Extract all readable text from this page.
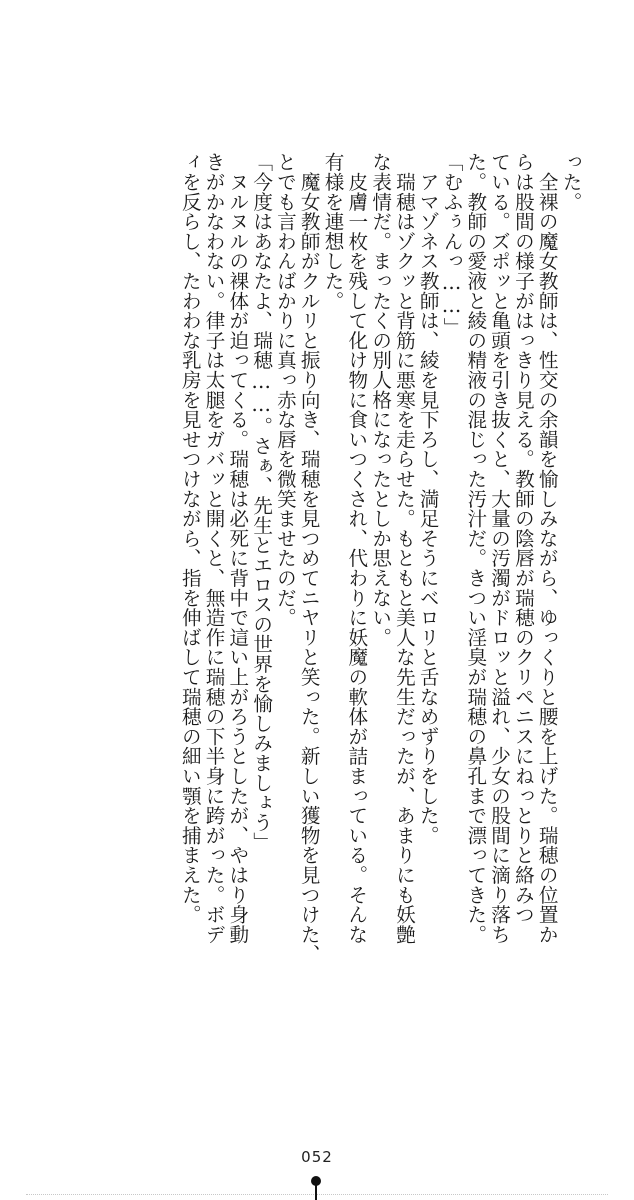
った。
　全裸の魔女教師は、性交の余韻を愉しみながら、ゆっくりと腰を上げた。瑞穂の位置か
らは股間の様子がはっきり見える。教師の陰唇が瑞穂のクリペニスにねっとりと絡みつ
ている。ズポッと亀頭を引き抜くと、大量の汚濁がドロッと溢れ、少女の股間に滴り落ち
た。教師の愛液と綾の精液の混じった汚汁だ。きつい淫臭が瑞穂の鼻孔まで漂ってきた。
「むふぅんっ……」
　アマゾネス教師は、綾を見下ろし、満足そうにベロリと舌なめずりをした。
　瑞穂はゾクッと背筋に悪寒を走らせた。もともと美人な先生だったが、あまりにも妖艶
な表情だ。まったくの別人格になったとしか思えない。
　皮膚一枚を残して化け物に食いつくされ、代わりに妖魔の軟体が詰まっている。そんな
有様を連想した。
　魔女教師がクルリと振り向き、瑞穂を見つめてニヤリと笑った。新しい獲物を見つけた、
とでも言わんばかりに真っ赤な唇を微笑ませたのだ。
「今度はあなたよ、瑞穂……。さぁ、先生とエロスの世界を愉しみましょう」
　ヌルヌルの裸体が迫ってくる。瑞穂は必死に背中で這い上がろうとしたが、やはり身動
きがかなわない。律子は太腿をガバッと開くと、無造作に瑞穂の下半身に跨がった。ボデ
ィを反らし、たわわな乳房を見せつけながら、指を伸ばして瑞穂の細い顎を捕まえた。
052
